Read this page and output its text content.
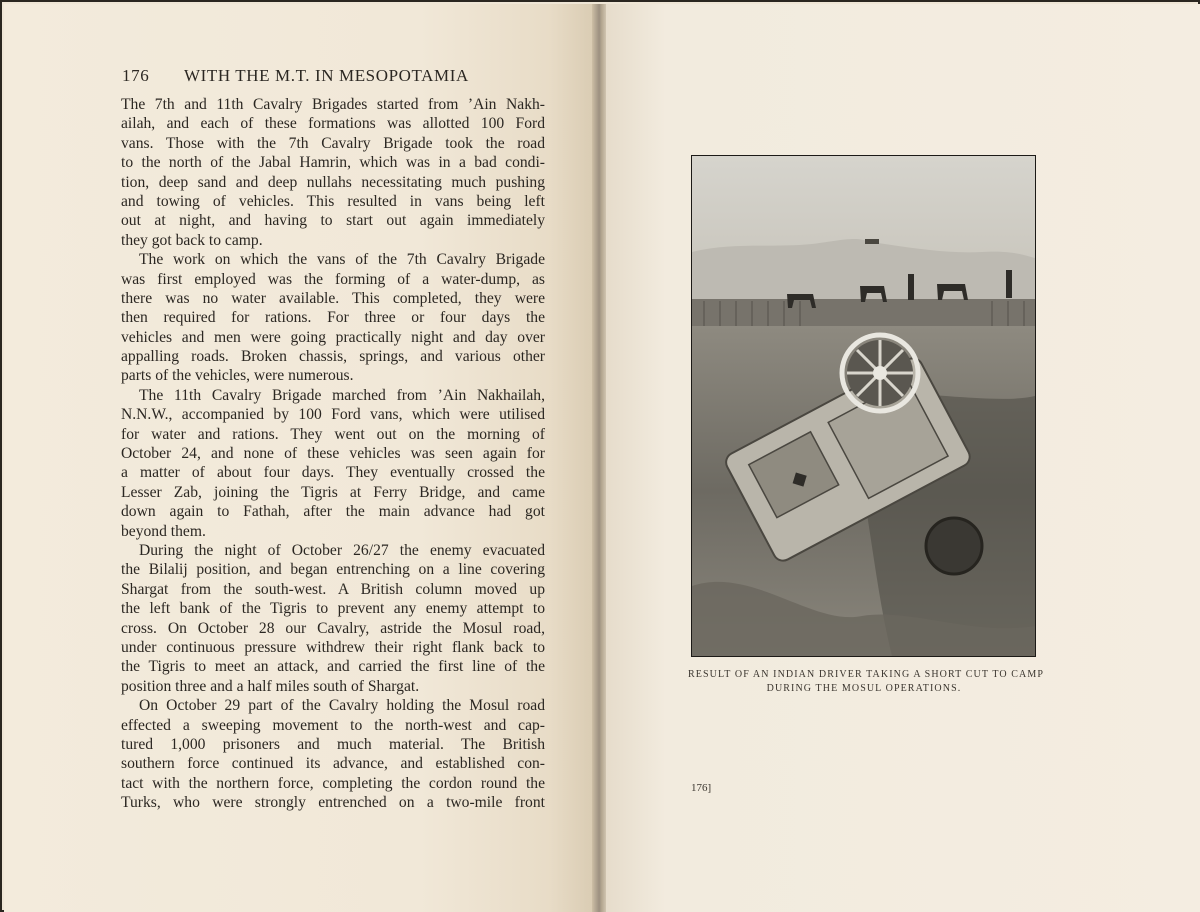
176 WITH THE M.T. IN MESOPOTAMIA
The 7th and 11th Cavalry Brigades started from ’Ain Nakh-
ailah, and each of these formations was allotted 100 Ford
vans. Those with the 7th Cavalry Brigade took the road
to the north of the Jabal Hamrin, which was in a bad condi-
tion, deep sand and deep nullahs necessitating much pushing
and towing of vehicles. This resulted in vans being left
out at night, and having to start out again immediately
they got back to camp.
The work on which the vans of the 7th Cavalry Brigade
was first employed was the forming of a water-dump, as
there was no water available. This completed, they were
then required for rations. For three or four days the
vehicles and men were going practically night and day over
appalling roads. Broken chassis, springs, and various other
parts of the vehicles, were numerous.
The 11th Cavalry Brigade marched from ’Ain Nakhailah,
N.N.W., accompanied by 100 Ford vans, which were utilised
for water and rations. They went out on the morning of
October 24, and none of these vehicles was seen again for
a matter of about four days. They eventually crossed the
Lesser Zab, joining the Tigris at Ferry Bridge, and came
down again to Fathah, after the main advance had got
beyond them.
During the night of October 26/27 the enemy evacuated
the Bilalij position, and began entrenching on a line covering
Shargat from the south-west. A British column moved up
the left bank of the Tigris to prevent any enemy attempt to
cross. On October 28 our Cavalry, astride the Mosul road,
under continuous pressure withdrew their right flank back to
the Tigris to meet an attack, and carried the first line of the
position three and a half miles south of Shargat.
On October 29 part of the Cavalry holding the Mosul road
effected a sweeping movement to the north-west and cap-
tured 1,000 prisoners and much material. The British
southern force continued its advance, and established con-
tact with the northern force, completing the cordon round the
Turks, who were strongly entrenched on a two-mile front
RESULT OF AN INDIAN DRIVER TAKING A SHORT CUT TO CAMP
DURING THE MOSUL OPERATIONS.
176]
